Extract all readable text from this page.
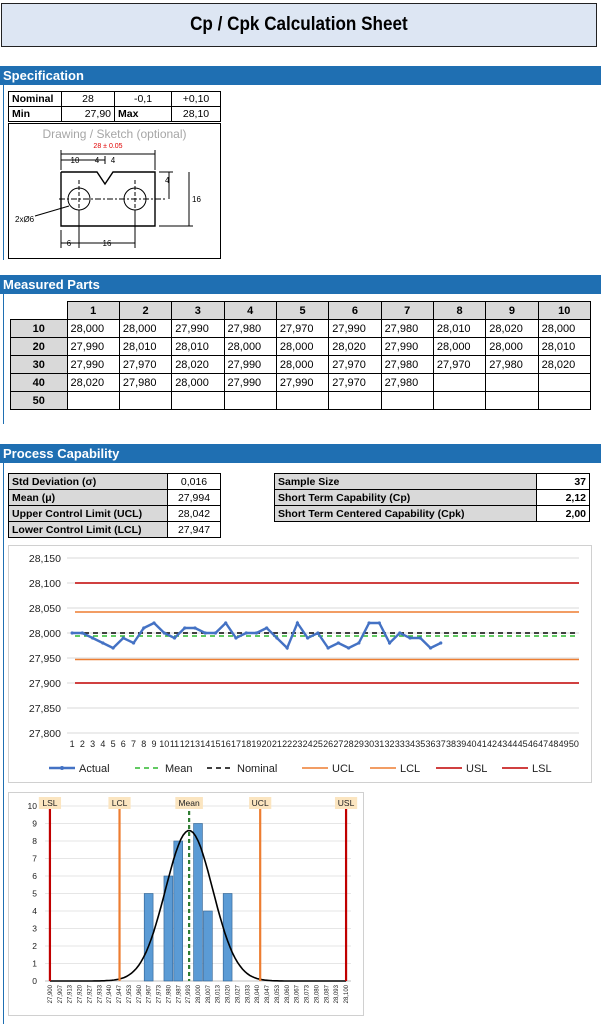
Cp / Cpk Calculation Sheet
Specification
Nominal	28	-0,1	+0,10
Min	27,90	Max	28,10
Drawing / Sketch (optional)
28 ± 0.05
10 4 4
4
16
2xØ6
6	16
Measured Parts
	1	2	3	4	5	6	7	8	9	10
10	28,000	28,000	27,990	27,980	27,970	27,990	27,980	28,010	28,020	28,000
20	27,990	28,010	28,010	28,000	28,000	28,020	27,990	28,000	28,000	28,010
30	27,990	27,970	28,020	27,990	28,000	27,970	27,980	27,970	27,980	28,020
40	28,020	27,980	28,000	27,990	27,990	27,970	27,980			
50										
Process Capability
Std Deviation (σ)	0,016
Mean (μ)	27,994
Upper Control Limit (UCL)	28,042
Lower Control Limit (LCL)	27,947
Sample Size	37
Short Term Capability (Cp)	2,12
Short Term Centered Capability (Cpk)	2,00
27,800
27,850
27,900
27,950
28,000
28,050
28,100
28,150
1 2 3 4 5 6 7 8 9 10 11 12 13 14 15 16 17 18 19 20 21 22 23 24 25 26 27 28 29 30 31 32 33 34 35 36 37 38 39 40 41 42 43 44 45 46 47 48 49 50
Actual	Mean	Nominal	UCL	LCL	USL	LSL
0
1
2
3
4
5
6
7
8
9
10
27,900 27,907 27,913 27,920 27,927 27,933 27,940 27,947 27,953 27,960 27,967 27,973 27,980 27,987 27,993 28,000 28,007 28,013 28,020 28,027 28,033 28,040 28,047 28,053 28,060 28,067 28,073 28,080 28,087 28,093 28,100
LSL	LCL	Mean	UCL	USL
